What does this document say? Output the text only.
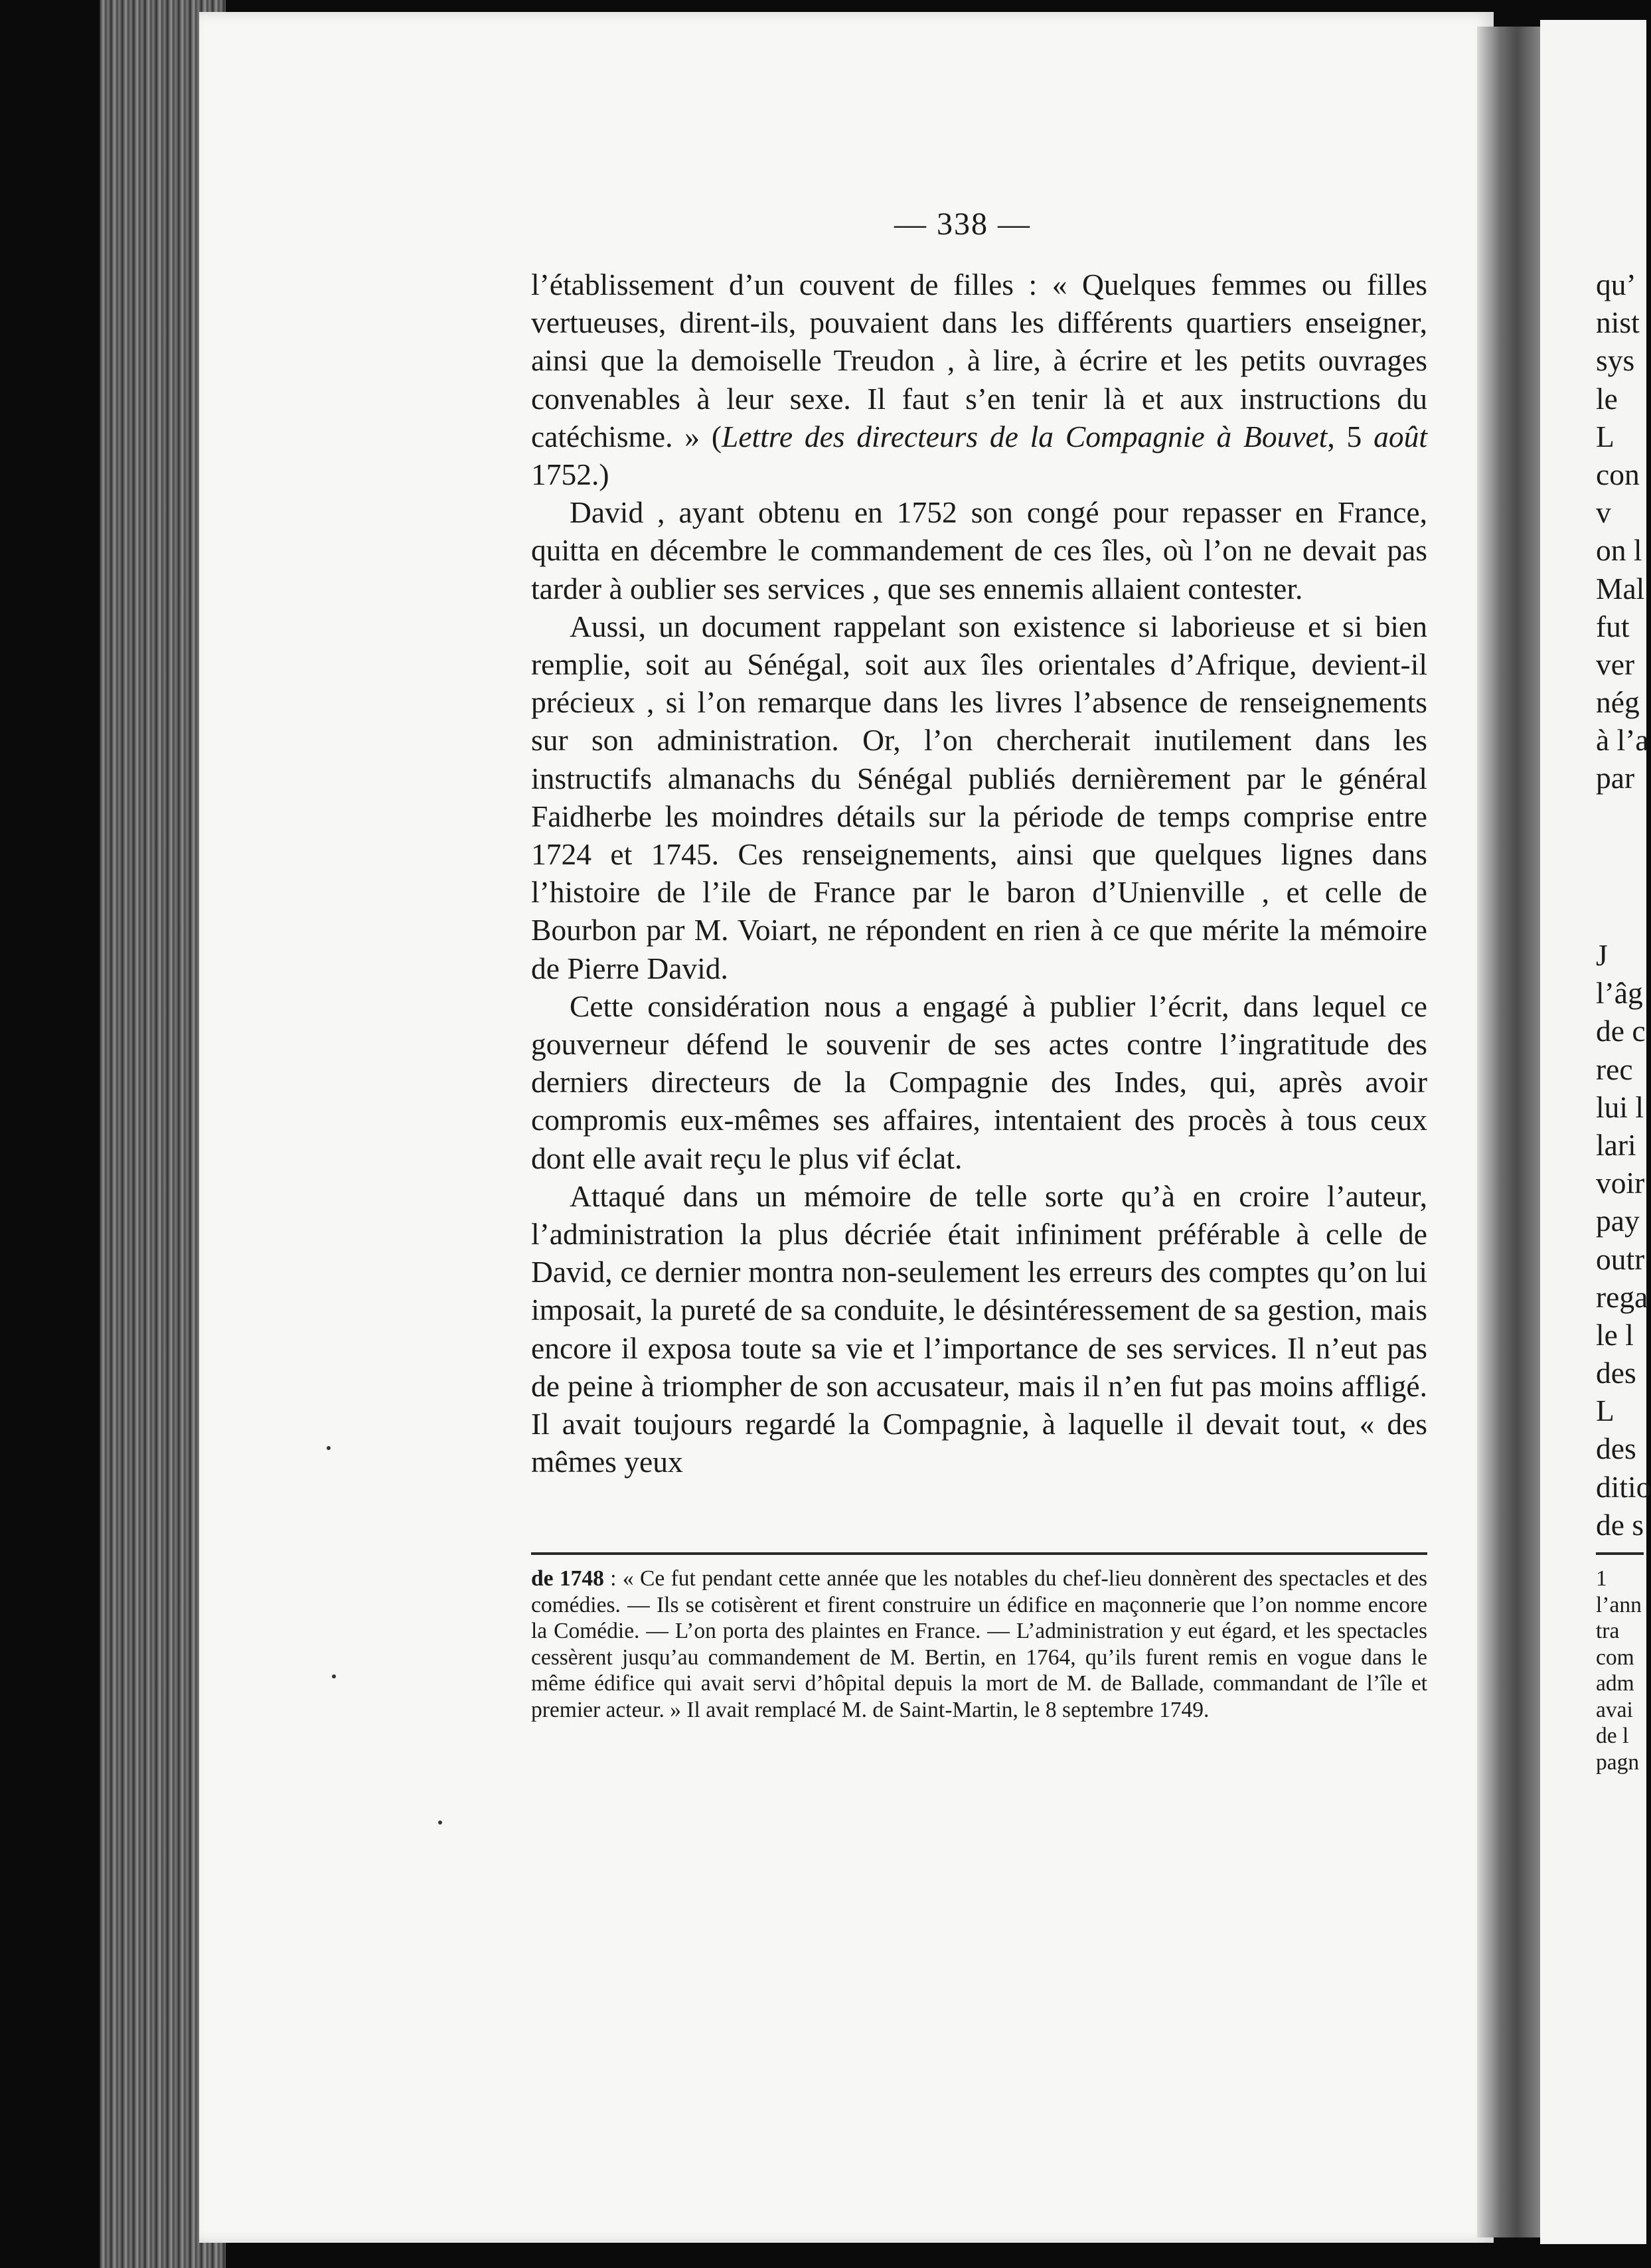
— 338 —

l’établissement d’un couvent de filles : « Quelques femmes ou filles vertueuses, dirent-ils, pouvaient dans les différents quartiers enseigner, ainsi que la demoiselle Treudon , à lire, à écrire et les petits ouvrages convenables à leur sexe. Il faut s’en tenir là et aux instructions du catéchisme. » (Lettre des directeurs de la Compagnie à Bouvet, 5 août 1752.)

David , ayant obtenu en 1752 son congé pour repasser en France, quitta en décembre le commandement de ces îles, où l’on ne devait pas tarder à oublier ses services , que ses ennemis allaient contester.

Aussi, un document rappelant son existence si laborieuse et si bien remplie, soit au Sénégal, soit aux îles orientales d’Afrique, devient-il précieux , si l’on remarque dans les livres l’absence de renseignements sur son administration. Or, l’on chercherait inutilement dans les instructifs almanachs du Sénégal publiés dernièrement par le général Faidherbe les moindres détails sur la période de temps comprise entre 1724 et 1745. Ces renseignements, ainsi que quelques lignes dans l’histoire de l’ile de France par le baron d’Unienville , et celle de Bourbon par M. Voiart, ne répondent en rien à ce que mérite la mémoire de Pierre David.

Cette considération nous a engagé à publier l’écrit, dans lequel ce gouverneur défend le souvenir de ses actes contre l’ingratitude des derniers directeurs de la Compagnie des Indes, qui, après avoir compromis eux-mêmes ses affaires, intentaient des procès à tous ceux dont elle avait reçu le plus vif éclat.

Attaqué dans un mémoire de telle sorte qu’à en croire l’auteur, l’administration la plus décriée était infiniment préférable à celle de David, ce dernier montra non-seulement les erreurs des comptes qu’on lui imposait, la pureté de sa conduite, le désintéressement de sa gestion, mais encore il exposa toute sa vie et l’importance de ses services. Il n’eut pas de peine à triompher de son accusateur, mais il n’en fut pas moins affligé. Il avait toujours regardé la Compagnie, à laquelle il devait tout, « des mêmes yeux

de 1748 : « Ce fut pendant cette année que les notables du chef-lieu donnèrent des spectacles et des comédies. — Ils se cotisèrent et firent construire un édifice en maçonnerie que l’on nomme encore la Comédie. — L’on porta des plaintes en France. — L’administration y eut égard, et les spectacles cessèrent jusqu’au commandement de M. Bertin, en 1764, qu’ils furent remis en vogue dans le même édifice qui avait servi d’hôpital depuis la mort de M. de Ballade, commandant de l’île et premier acteur. » Il avait remplacé M. de Saint-Martin, le 8 septembre 1749.

qu’
nist
sys
le
L
con
v
on l
Mal
fut
ver
nég
à l’a
par
J
l’âg
de c
rec
lui l
lari
voir
pay
outr
rega
le l
des
L
des
ditio
de s
1
l’ann
tra
com
adm
avai
de l
pagn
